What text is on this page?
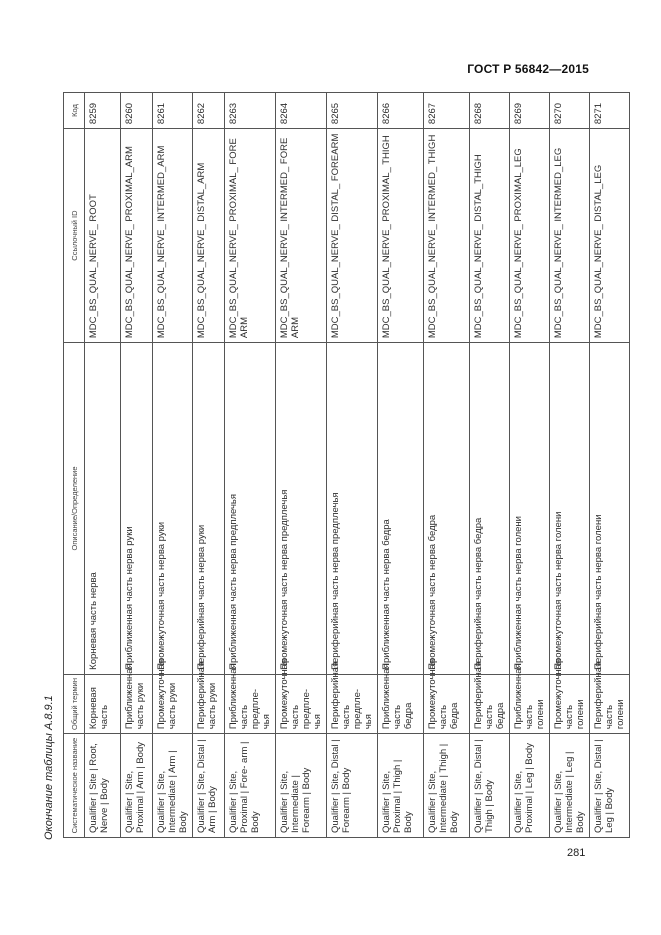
ГОСТ Р 56842—2015
Окончание таблицы А.8.9.1	Систематическое название	Общий термин	Описание/Определение	Ссылочный ID	Код
Qualifier | Site | Root, Nerve | Body	Корневая часть	Корневая часть нерва	MDC_BS_QUAL_NERVE_ ROOT	8259
Qualifier | Site, Proximal | Arm | Body	Приближенная часть руки	Приближенная часть нерва руки	MDC_BS_QUAL_NERVE_ PROXIMAL_ARM	8260
Qualifier | Site, Intermediate | Arm | Body	Промежуточная часть руки	Промежуточная часть нерва руки	MDC_BS_QUAL_NERVE_ INTERMED_ARM	8261
Qualifier | Site, Distal | Arm | Body	Периферийная часть руки	Периферийная часть нерва руки	MDC_BS_QUAL_NERVE_ DISTAL_ARM	8262
Qualifier | Site, Proximal | Fore- arm | Body	Приближенная часть предпле- чья	Приближенная часть нерва предплечья	MDC_BS_QUAL_NERVE_ PROXIMAL_ FOREARM	8263
Qualifier | Site, Intermediate | Forearm | Body	Промежуточная часть предпле- чья	Промежуточная часть нерва предплечья	MDC_BS_QUAL_NERVE_ INTERMED_ FOREARM	8264
Qualifier | Site, Distal | Forearm | Body	Периферийная часть предпле- чья	Периферийная часть нерва предплечья	MDC_BS_QUAL_NERVE_ DISTAL_ FOREARM	8265
Qualifier | Site, Proximal | Thigh | Body	Приближенная часть бедра	Приближенная часть нерва бедра	MDC_BS_QUAL_NERVE_ PROXIMAL_ THIGH	8266
Qualifier | Site, Intermediate | Thigh | Body	Промежуточная часть бедра	Промежуточная часть нерва бедра	MDC_BS_QUAL_NERVE_ INTERMED_ THIGH	8267
Qualifier | Site, Distal | Thigh | Body	Периферийная часть бедра	Периферийная часть нерва бедра	MDC_BS_QUAL_NERVE_ DISTAL_THIGH	8268
Qualifier | Site, Proximal | Leg | Body	Приближенная часть голени	Приближенная часть нерва голени	MDC_BS_QUAL_NERVE_ PROXIMAL_LEG	8269
Qualifier | Site, Intermediate | Leg | Body	Промежуточная часть голени	Промежуточная часть нерва голени	MDC_BS_QUAL_NERVE_ INTERMED_LEG	8270
Qualifier | Site, Distal | Leg | Body	Периферийная часть голени	Периферийная часть нерва голени	MDC_BS_QUAL_NERVE_ DISTAL_LEG	8271
281
